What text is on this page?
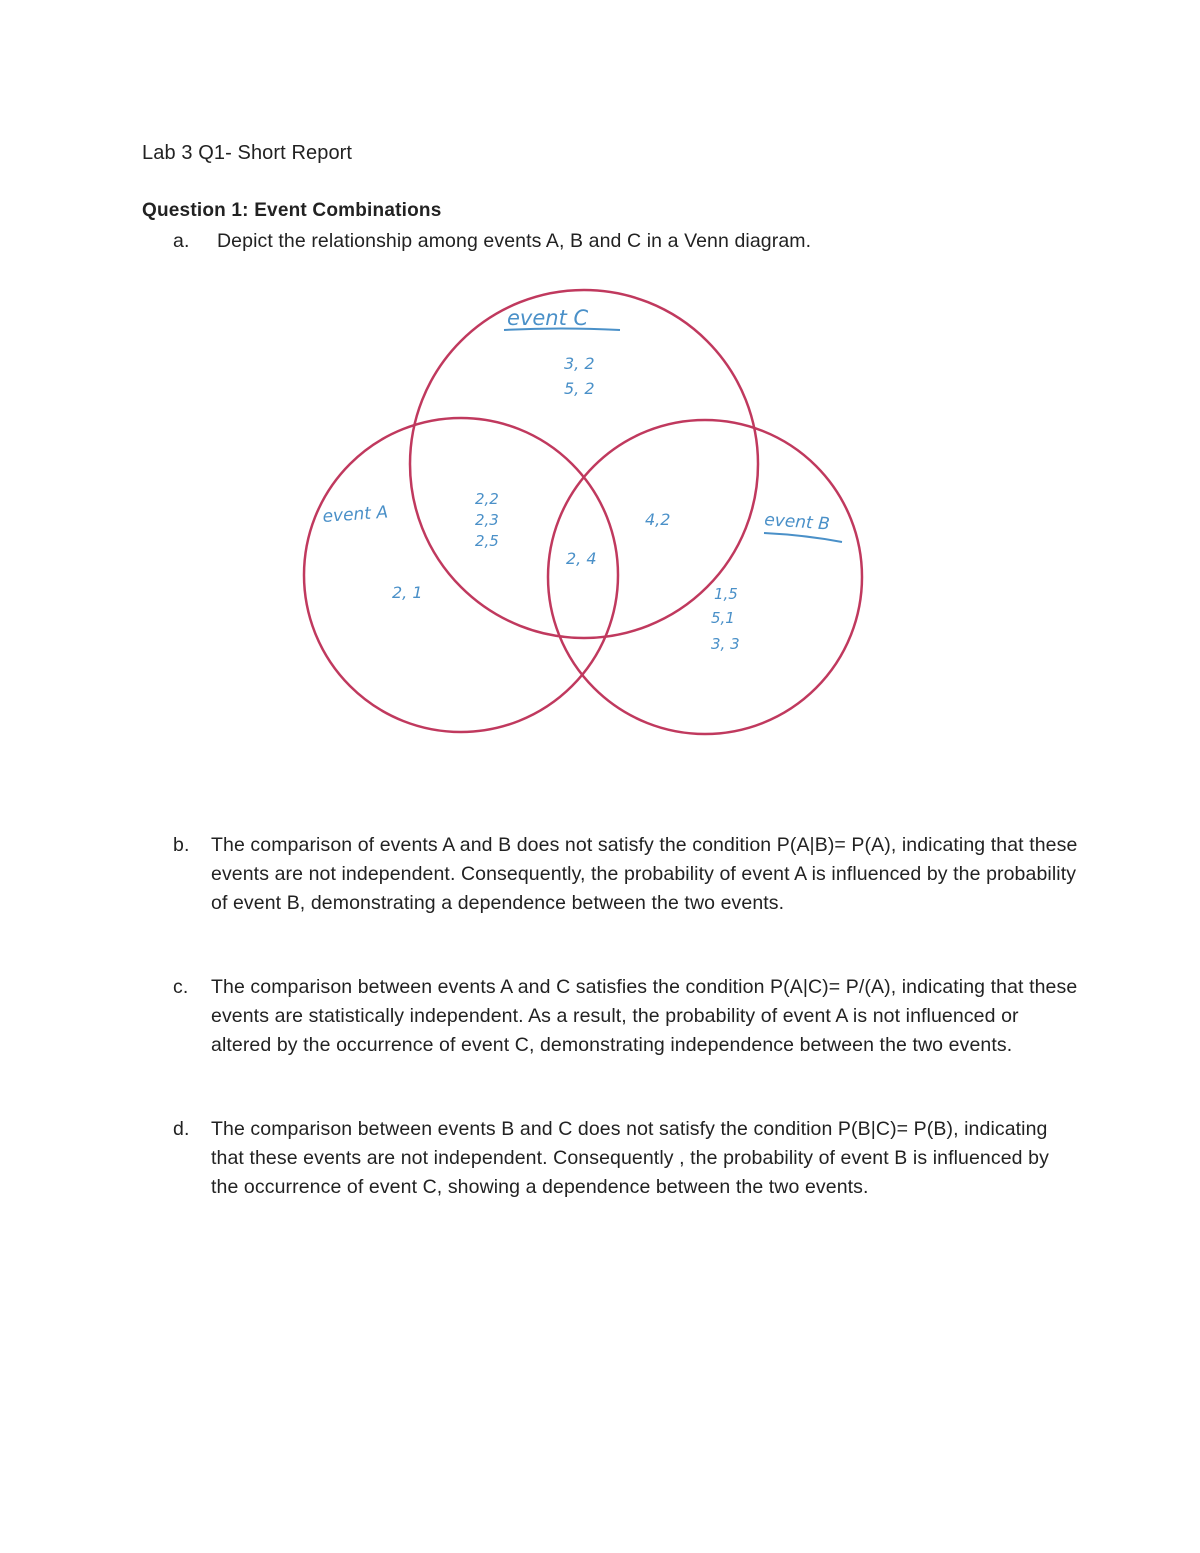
Lab 3 Q1- Short Report
Question 1: Event Combinations
a. Depict the relationship among events A, B and C in a Venn diagram.
event C
event A	event B
3, 2
5, 2
2,2
2,3
2,5
2, 4
4,2
2, 1	1,5
5,1
3, 3
b. The comparison of events A and B does not satisfy the condition P(A|B)= P(A), indicating that these events are not independent. Consequently, the probability of event A is influenced by the probability of event B, demonstrating a dependence between the two events.
c. The comparison between events A and C satisfies the condition P(A|C)= P/(A), indicating that these events are statistically independent. As a result, the probability of event A is not influenced or altered by the occurrence of event C, demonstrating independence between the two events.
d. The comparison between events B and C does not satisfy the condition P(B|C)= P(B), indicating that these events are not independent. Consequently , the probability of event B is influenced by the occurrence of event C, showing a dependence between the two events.
